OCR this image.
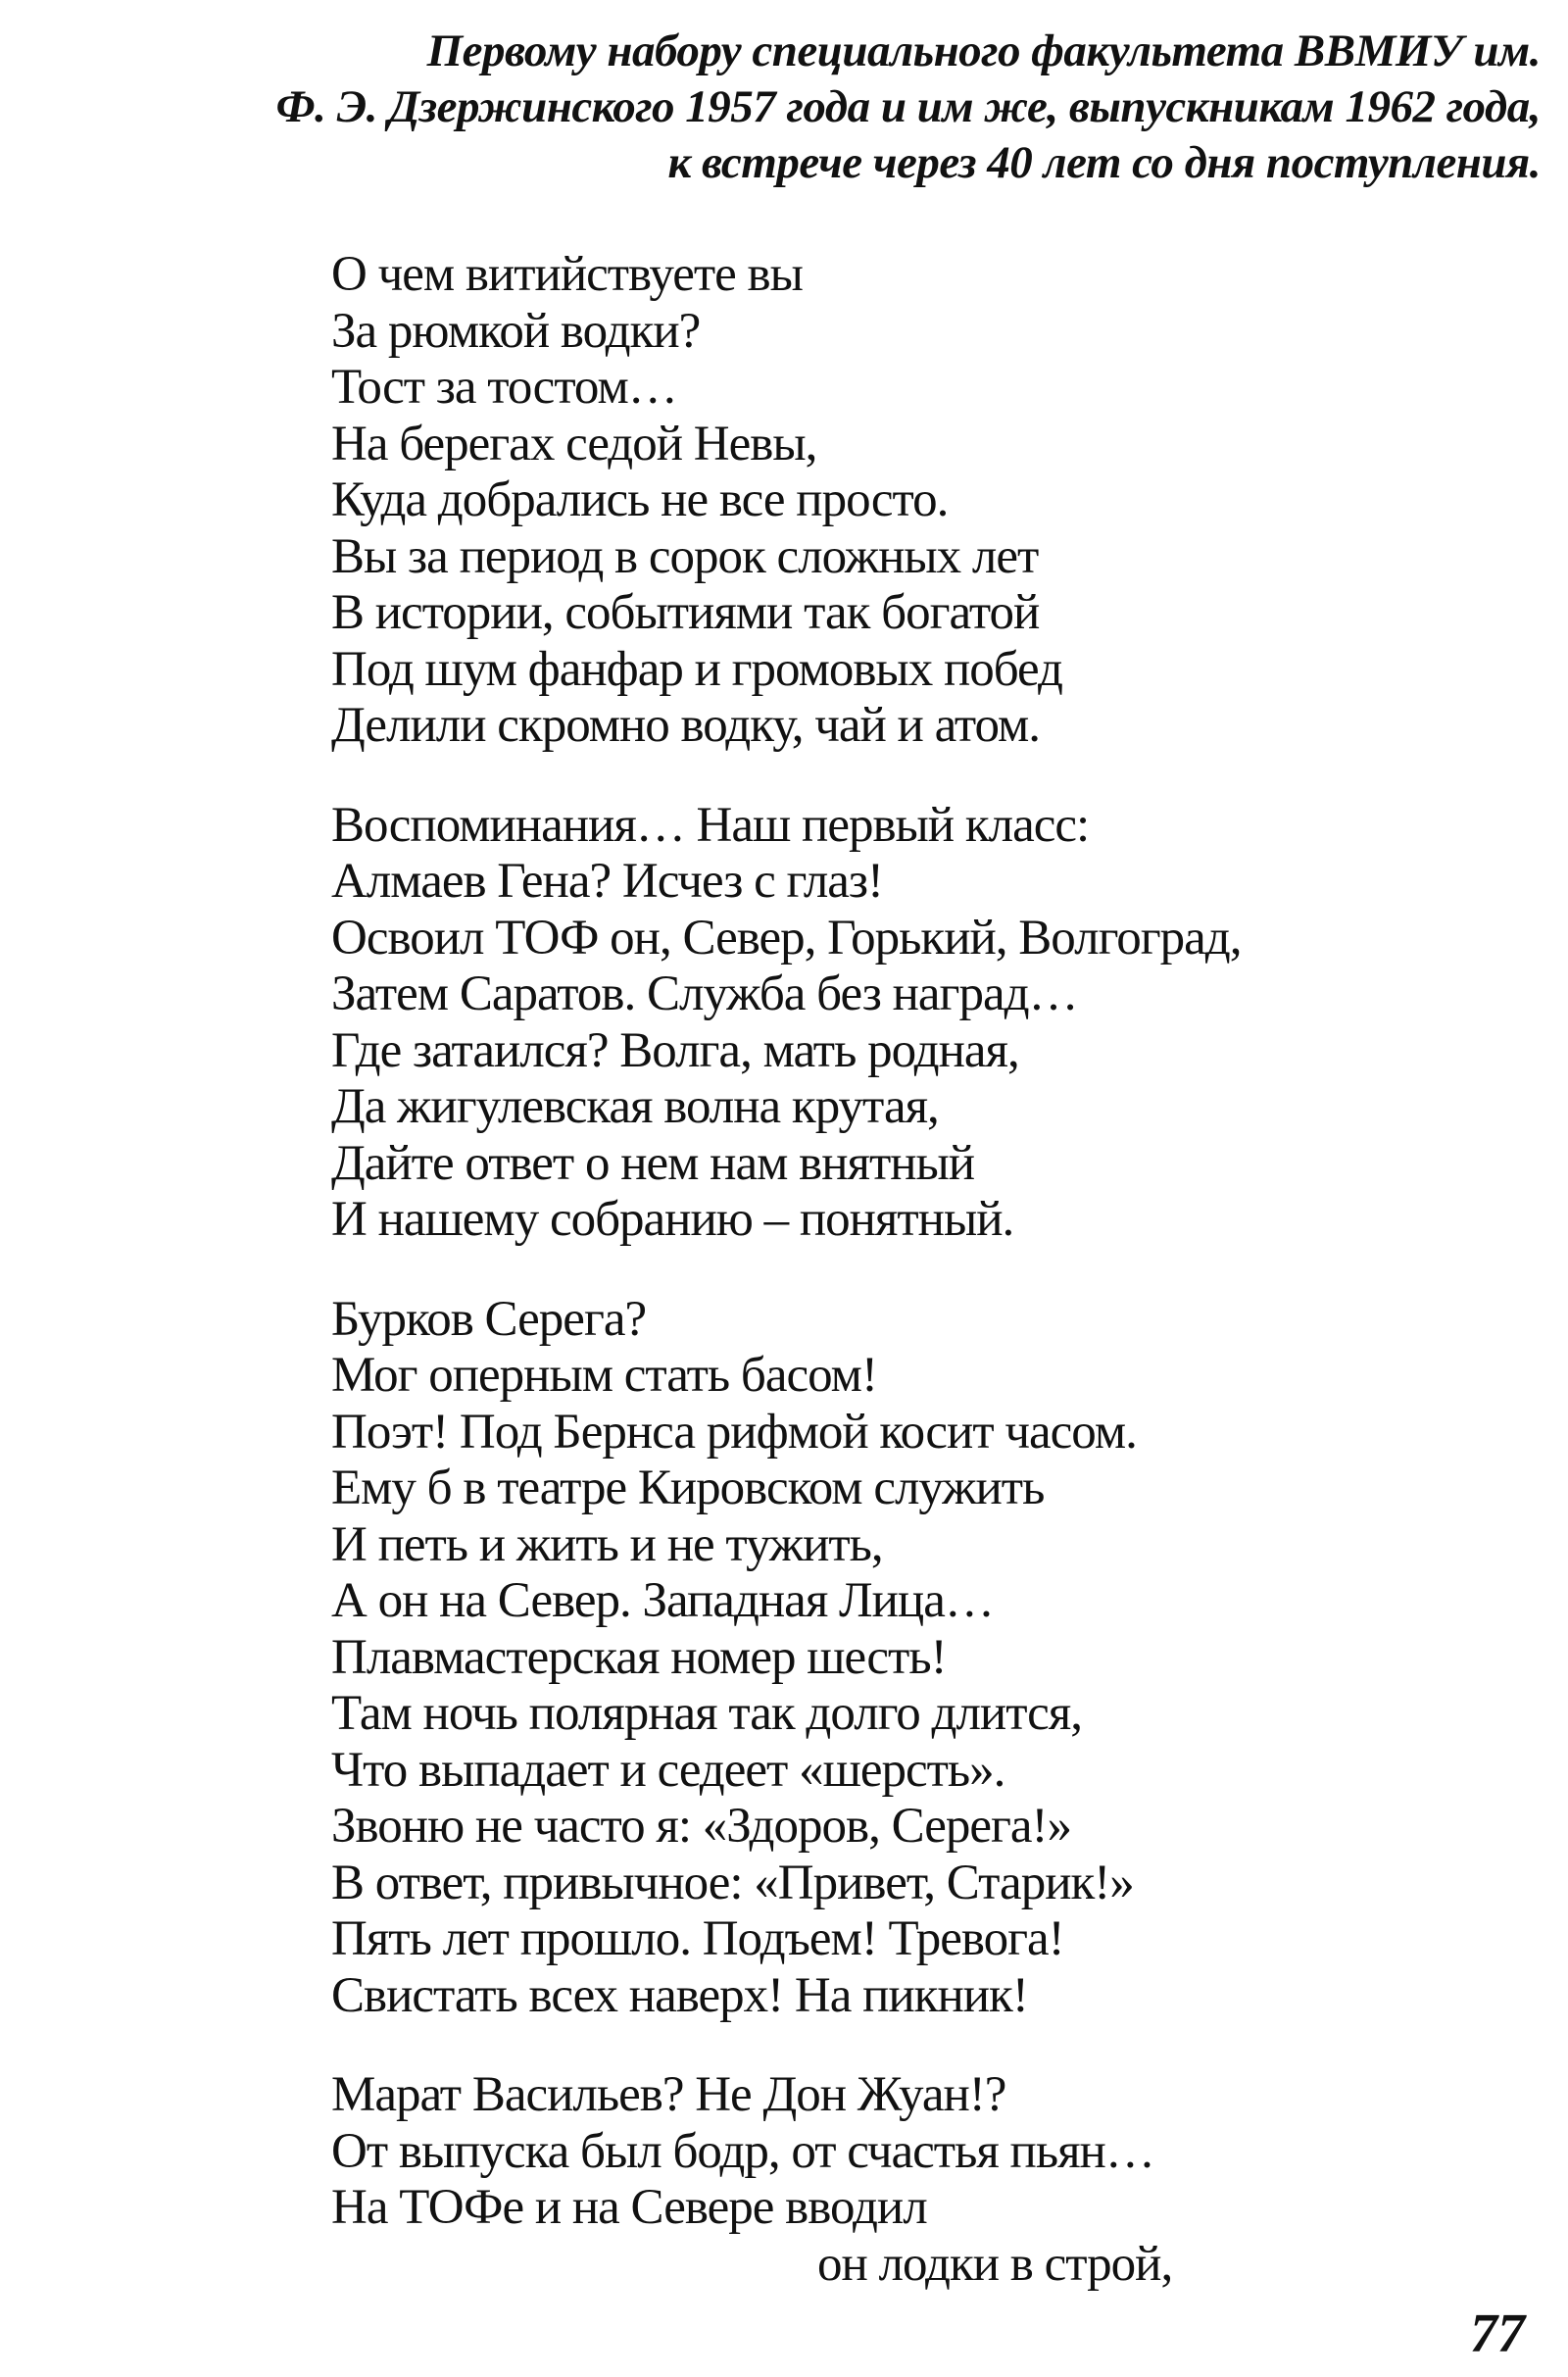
Первому набору специального факультета ВВМИУ им.
Ф. Э. Дзержинского 1957 года и им же, выпускникам 1962 года,
к встрече через 40 лет со дня поступления.
О чем витийствуете вы
За рюмкой водки?
Тост за тостом…
На берегах седой Невы,
Куда добрались не все просто.
Вы за период в сорок сложных лет
В истории, событиями так богатой
Под шум фанфар и громовых побед
Делили скромно водку, чай и атом.
Воспоминания… Наш первый класс:
Алмаев Гена? Исчез с глаз!
Освоил ТОФ он, Север, Горький, Волгоград,
Затем Саратов. Служба без наград…
Где затаился? Волга, мать родная,
Да жигулевская волна крутая,
Дайте ответ о нем нам внятный
И нашему собранию – понятный.
Бурков Серега?
Мог оперным стать басом!
Поэт! Под Бернса рифмой косит часом.
Ему б в театре Кировском служить
И петь и жить и не тужить,
А он на Север. Западная Лица…
Плавмастерская номер шесть!
Там ночь полярная так долго длится,
Что выпадает и седеет «шерсть».
Звоню не часто я: «Здоров, Серега!»
В ответ, привычное: «Привет, Старик!»
Пять лет прошло. Подъем! Тревога!
Свистать всех наверх! На пикник!
Марат Васильев? Не Дон Жуан!?
От выпуска был бодр, от счастья пьян…
На ТОФе и на Севере вводил
он лодки в строй,
77
